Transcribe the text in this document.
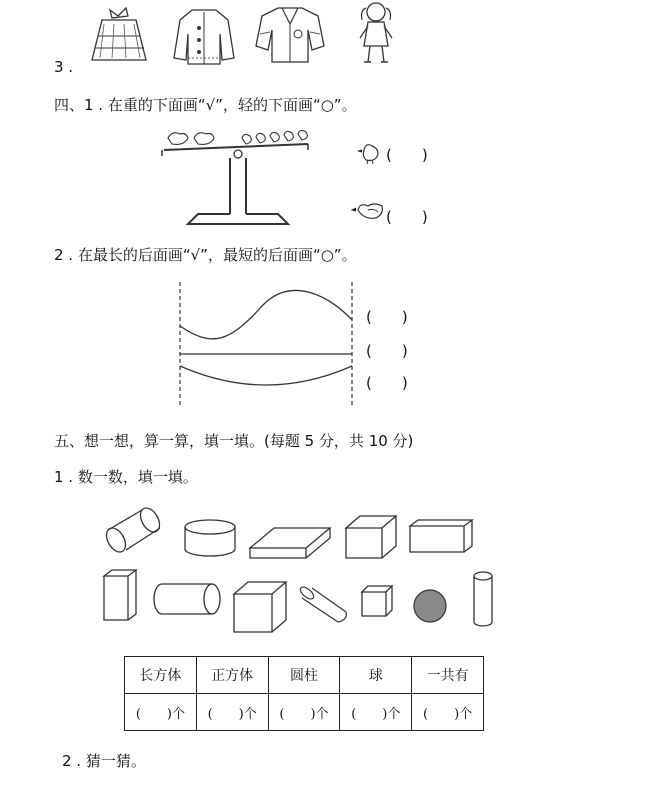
3 .
四、1 . 在重的下面画“√”，轻的下面画“○”。
(　　)
(　　)
2 . 在最长的后面画“√”，最短的后面画“○”。
(　　)
(　　)
(　　)
五、想一想，算一算，填一填。(每题 5 分，共 10 分)
1 . 数一数，填一填。
长方体	正方体	圆柱	球	一共有
(　　)个	(　　)个	(　　)个	(　　)个	(　　)个
2 . 猜一猜。
